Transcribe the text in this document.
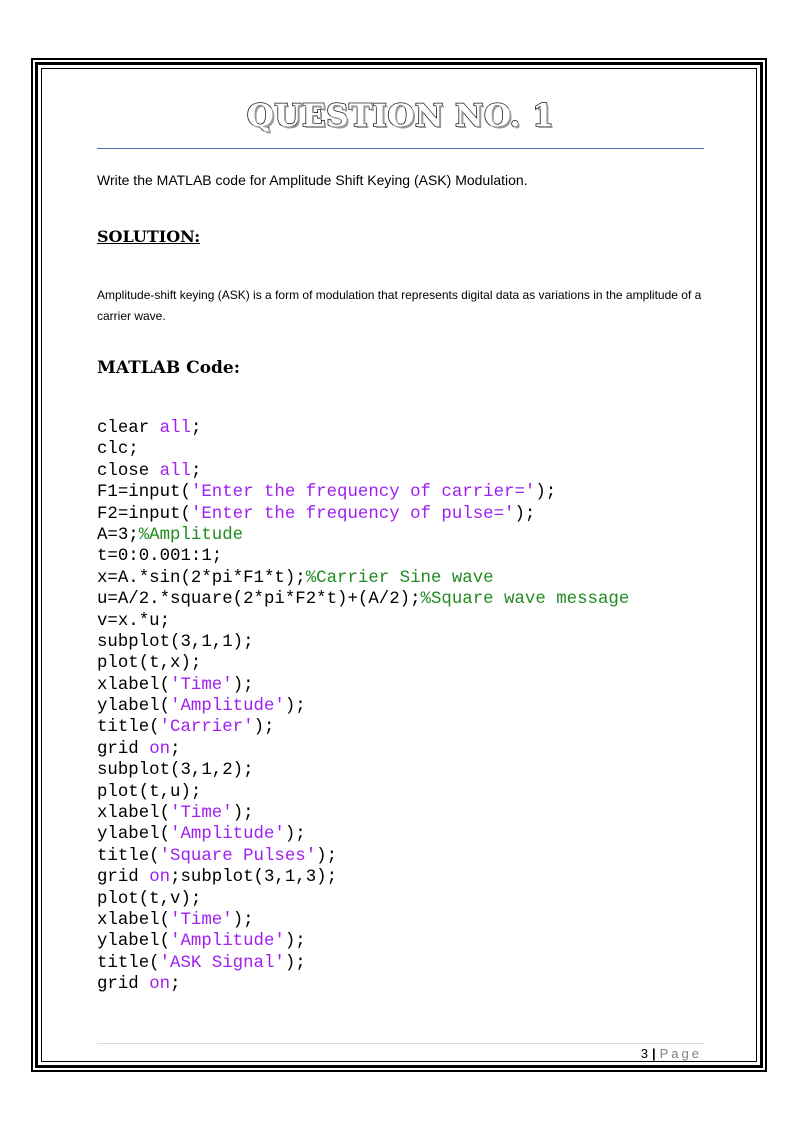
QUESTION NO. 1

Write the MATLAB code for Amplitude Shift Keying (ASK) Modulation.

SOLUTION:

Amplitude-shift keying (ASK) is a form of modulation that represents digital data as variations in the amplitude of a carrier wave.

MATLAB Code:
clear all;
clc;
close all;
F1=input('Enter the frequency of carrier=');
F2=input('Enter the frequency of pulse=');
A=3;%Amplitude
t=0:0.001:1;
x=A.*sin(2*pi*F1*t);%Carrier Sine wave
u=A/2.*square(2*pi*F2*t)+(A/2);%Square wave message
v=x.*u;
subplot(3,1,1);
plot(t,x);
xlabel('Time');
ylabel('Amplitude');
title('Carrier');
grid on;
subplot(3,1,2);
plot(t,u);
xlabel('Time');
ylabel('Amplitude');
title('Square Pulses');
grid on;subplot(3,1,3);
plot(t,v);
xlabel('Time');
ylabel('Amplitude');
title('ASK Signal');
grid on;
3 | Page
